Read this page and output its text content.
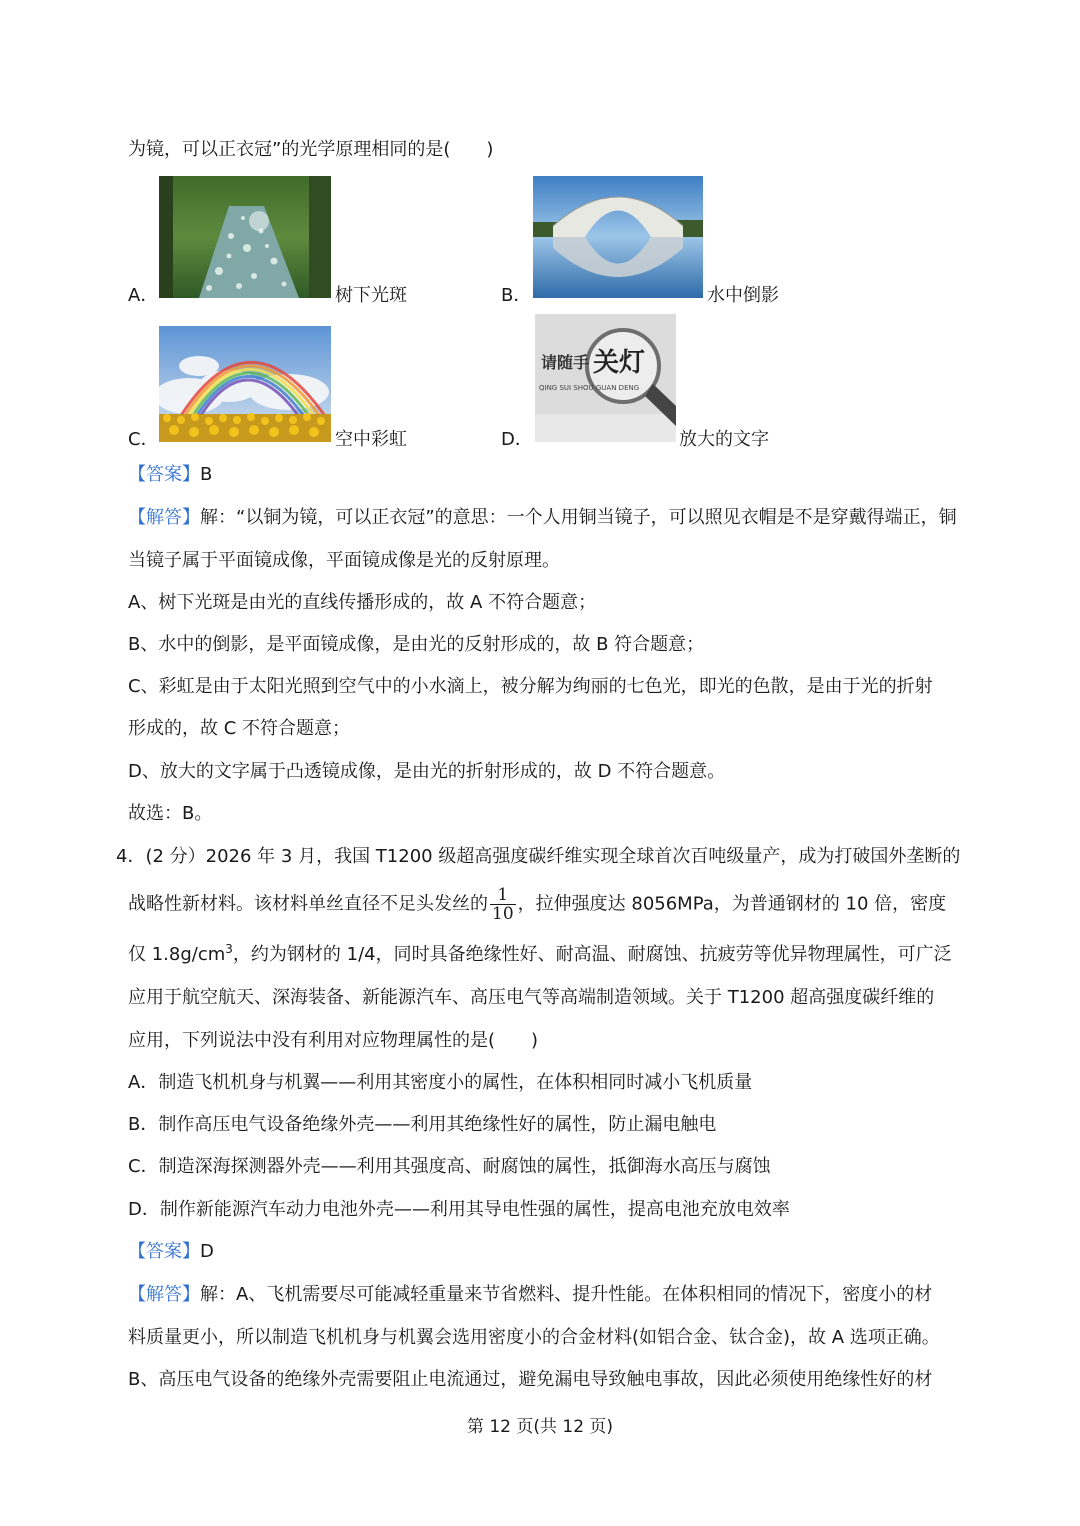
为镜，可以正衣冠”的光学原理相同的是(　　)
A．	树下光斑	B．	水中倒影
C．	空中彩虹	D．
请随手 关灯
QING SUI SHOU GUAN DENG
放大的文字
【答案】B
【解答】解：“以铜为镜，可以正衣冠”的意思：一个人用铜当镜子，可以照见衣帽是不是穿戴得端正，铜
当镜子属于平面镜成像，平面镜成像是光的反射原理。
A、树下光斑是由光的直线传播形成的，故 A 不符合题意；
B、水中的倒影，是平面镜成像，是由光的反射形成的，故 B 符合题意；
C、彩虹是由于太阳光照到空气中的小水滴上，被分解为绚丽的七色光，即光的色散，是由于光的折射
形成的，故 C 不符合题意；
D、放大的文字属于凸透镜成像，是由光的折射形成的，故 D 不符合题意。
故选：B。
4．(2 分）2026 年 3 月，我国 T1200 级超高强度碳纤维实现全球首次百吨级量产，成为打破国外垄断的
战略性新材料。该材料单丝直径不足头发丝的 $\frac{1}{10}$ ，拉伸强度达 8056MPa，为普通钢材的 10 倍，密度
仅 $1.8g/cm^3$，约为钢材的 1/4，同时具备绝缘性好、耐高温、耐腐蚀、抗疲劳等优异物理属性，可广泛
应用于航空航天、深海装备、新能源汽车、高压电气等高端制造领域。关于 T1200 超高强度碳纤维的
应用，下列说法中没有利用对应物理属性的是(　　)
A．制造飞机机身与机翼——利用其密度小的属性，在体积相同时减小飞机质量
B．制作高压电气设备绝缘外壳——利用其绝缘性好的属性，防止漏电触电
C．制造深海探测器外壳——利用其强度高、耐腐蚀的属性，抵御海水高压与腐蚀
D．制作新能源汽车动力电池外壳——利用其导电性强的属性，提高电池充放电效率
【答案】D
【解答】解：A、飞机需要尽可能减轻重量来节省燃料、提升性能。在体积相同的情况下，密度小的材
料质量更小，所以制造飞机机身与机翼会选用密度小的合金材料(如铝合金、钛合金)，故 A 选项正确。
B、高压电气设备的绝缘外壳需要阻止电流通过，避免漏电导致触电事故，因此必须使用绝缘性好的材
第 12 页(共 12 页)
